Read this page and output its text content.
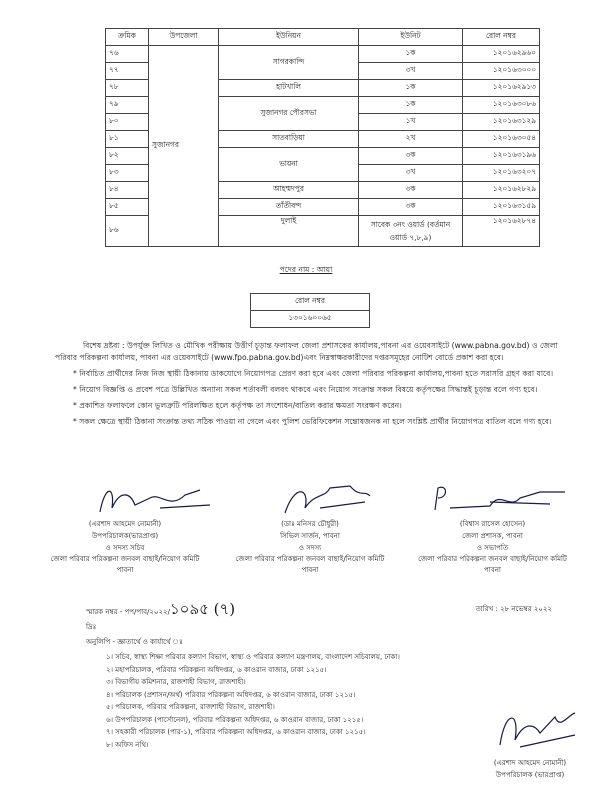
ক্রমিক	উপজেলা	ইউনিয়ন	ইউনিট	রোল নম্বর
৭৬	সুজানগর	সাগরকান্দি	১ক	১২০১৬২৯৬০
৭৭			৩খ	১২০১৬৩০০০
৭৮		হাটখালি	১ক	১২০১৬২৯১৩
৭৯		সুজানগর পৌরসভা	১ক	১২০১৬৩০৮৬
৮০			১খ	১২০১৬৩১২৯
৮১		সাতবাড়িয়া	২খ	১২০১৬৩০৫৪
৮২		ভায়না	৩ক	১২০১৬৩১৯৬
৮৩			৩খ	১২০১৬৩২০৭
৮৪		আহম্মদপুর	৩ক	১২০১৬২৮২৯
৮৫		তাঁতীবন্দ	৩ক	১২০১৬৩১৫৯
৮৬		দুলাই	সাবেক ৩নং ওয়ার্ড (বর্তমান ওয়ার্ড ৭,৮,৯)	১২০১৬২৮৭৪
পদের নাম : আয়া
রোল নম্বর
১৩০১৬০০৬৫

বিশেষ দ্রষ্টব্য : উপর্যুক্ত লিখিত ও মৌখিক পরীক্ষায় উত্তীর্ণ চূড়ান্ত ফলাফল জেলা প্রশাসকের কার্যালয়,পাবনা এর ওয়েবসাইটে (www.pabna.gov.bd) ও জেলা পরিবার পরিকল্পনা কার্যালয়, পাবনা এর ওয়েবসাইটে (www.fpo.pabna.gov.bd)এবং নিম্নস্বাক্ষরকারীদের দপ্তরসমূহের নোটিশ বোর্ডে প্রকাশ করা হবে।

* নির্বাচিত প্রার্থীদের নিজ নিজ স্থায়ী ঠিকানায় ডাকযোগে নিয়োগপত্র প্রেরণ করা হবে এবং জেলা পরিবার পরিকল্পনা কার্যালয়,পাবনা হতে সরাসরি গ্রহণ করা যাবে।

* নিয়োগ বিজ্ঞপ্তি ও প্রবেশ পত্রে উল্লিখিত অন্যান্য সকল শর্তাবলী বলবৎ থাকবে এবং নিয়োগ সংক্রান্ত সকল বিষয়ে কর্তৃপক্ষের সিদ্ধান্তই চূড়ান্ত বলে গণ্য হবে।

* প্রকাশিত ফলাফলে কোন ভুলত্রুটি পরিলক্ষিত হলে কর্তৃপক্ষ তা সংশোধন/বাতিল করার ক্ষমতা সংরক্ষণ করেন।

* সকল ক্ষেত্রে স্থায়ী ঠিকানা সংক্রান্ত তথ্য সঠিক পাওয়া না গেলে এবং পুলিশ ভেরিফিকেশন সন্তোষজনক না হলে সংশ্লিষ্ট প্রার্থীর নিয়োগপত্র বাতিল বলে গণ্য হবে।

(এরশাদ আহমেদ নোমানী)
উপপরিচালক(ভারপ্রাপ্ত)
ও সদস্য সচিব
জেলা পরিবার পরিকল্পনা জনবল বাছাই/নিয়োগ কমিটি
পাবনা
(ডাঃ মনিসর চৌধুরী)
সিভিল সার্জন, পাবনা
ও সদস্য
জেলা পরিবার পরিকল্পনা জনবল বাছাই/নিয়োগ কমিটি
পাবনা
(বিশ্বাস রাসেল হোসেন)
জেলা প্রশাসক, পাবনা
ও সভাপতি
জেলা পরিবার পরিকল্পনা জনবল বাছাই/নিয়োগ কমিটি
পাবনা
স্মারক নম্বর - পপ/পাব/২০২২/১০৯৫ (৭)
দ্রিঃ
তারিখ : ২৮ নভেম্বর ২০২২
অনুলিপি - জ্ঞাতার্থে ও কার্যার্থে ঃ
১। সচিব, স্বাস্থ্য শিক্ষা পরিবার কল্যাণ বিভাগ, স্বাস্থ্য ও পরিবার কল্যাণ মন্ত্রণালয়, বাংলাদেশ সচিবালয়, ঢাকা।
২। মহাপরিচালক, পরিবার পরিকল্পনা অধিদপ্তর, ৬ কাওরান বাজার, ঢাকা ১২১৫।
৩। বিভাগীয় কমিশনার, রাজশাহী বিভাগ, রাজশাহী।
৪। পরিচালক (প্রশাসন/অর্থ) পরিবার পরিকল্পনা অধিদপ্তর, ৬ কাওরান বাজার, ঢাকা ১২১৫।
৫। পরিচালক, পরিবার পরিকল্পনা, রাজশাহী বিভাগ, রাজশাহী।
৬। উপপরিচালক (পার্সোনেল), পরিবার পরিকল্পনা অধিদপ্তর, ৬ কাওরান বাজার, ঢাকা ১২১৫।
৭। সহকারী পরিচালক (পার-১), পরিবার পরিকল্পনা অধিদপ্তর, ৬ কাওরান বাজার, ঢাকা ১২১৫।
৮। অফিস নথি।
(এরশাদ আহমেদ নোমানী)
উপপরিচালক (ভারপ্রাপ্ত)
